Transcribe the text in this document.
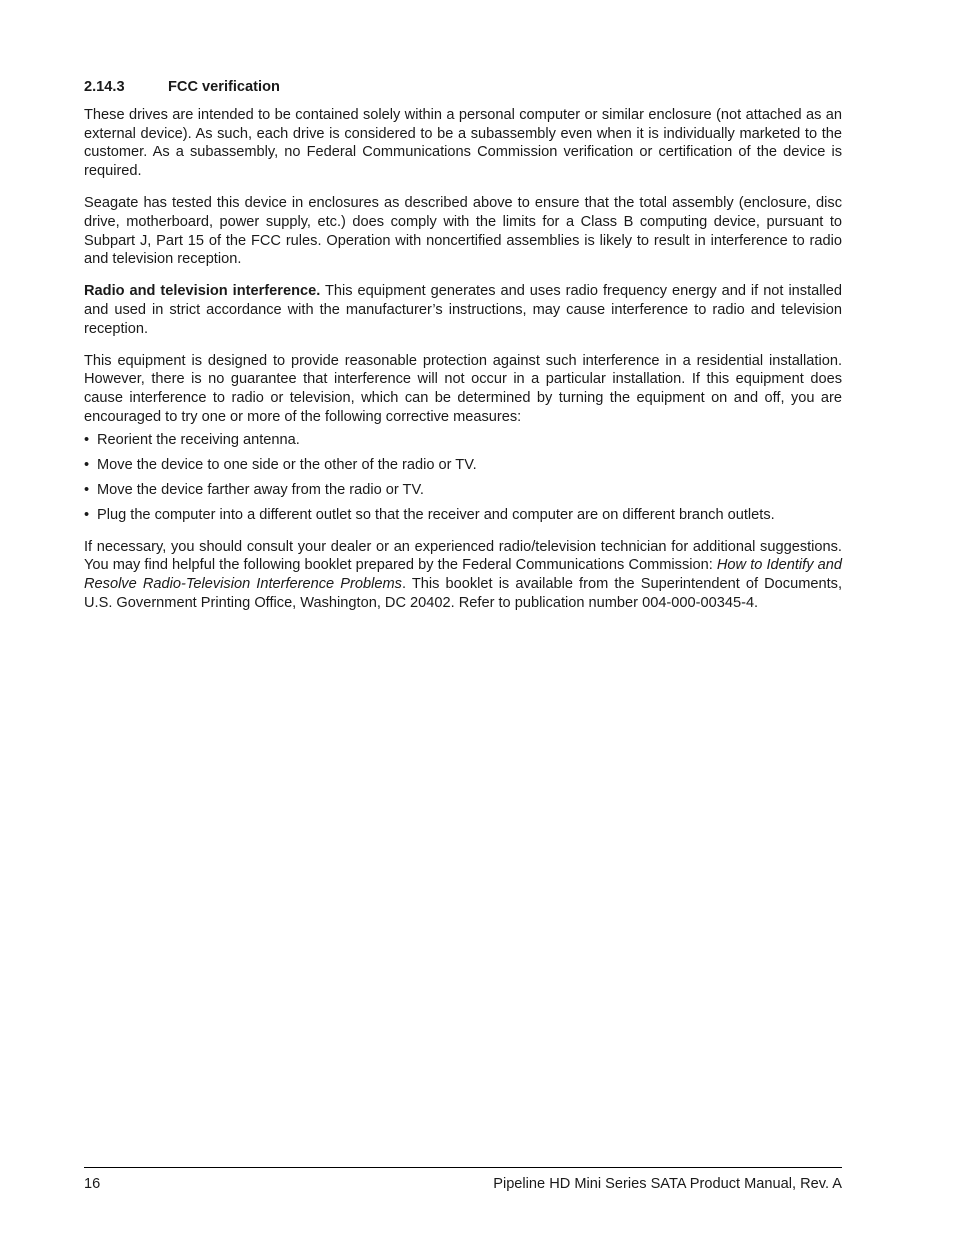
2.14.3	FCC verification

These drives are intended to be contained solely within a personal computer or similar enclosure (not attached as an external device). As such, each drive is considered to be a subassembly even when it is individually marketed to the customer. As a subassembly, no Federal Communications Commission verification or certification of the device is required.

Seagate has tested this device in enclosures as described above to ensure that the total assembly (enclosure, disc drive, motherboard, power supply, etc.) does comply with the limits for a Class B computing device, pursuant to Subpart J, Part 15 of the FCC rules. Operation with noncertified assemblies is likely to result in interference to radio and television reception.

Radio and television interference. This equipment generates and uses radio frequency energy and if not installed and used in strict accordance with the manufacturer’s instructions, may cause interference to radio and television reception.

This equipment is designed to provide reasonable protection against such interference in a residential installation. However, there is no guarantee that interference will not occur in a particular installation. If this equipment does cause interference to radio or television, which can be determined by turning the equipment on and off, you are encouraged to try one or more of the following corrective measures:

• Reorient the receiving antenna.
• Move the device to one side or the other of the radio or TV.
• Move the device farther away from the radio or TV.
• Plug the computer into a different outlet so that the receiver and computer are on different branch outlets.

If necessary, you should consult your dealer or an experienced radio/television technician for additional suggestions. You may find helpful the following booklet prepared by the Federal Communications Commission: How to Identify and Resolve Radio-Television Interference Problems. This booklet is available from the Superintendent of Documents, U.S. Government Printing Office, Washington, DC 20402. Refer to publication number 004-000-00345-4.

16	Pipeline HD Mini Series SATA Product Manual, Rev. A
